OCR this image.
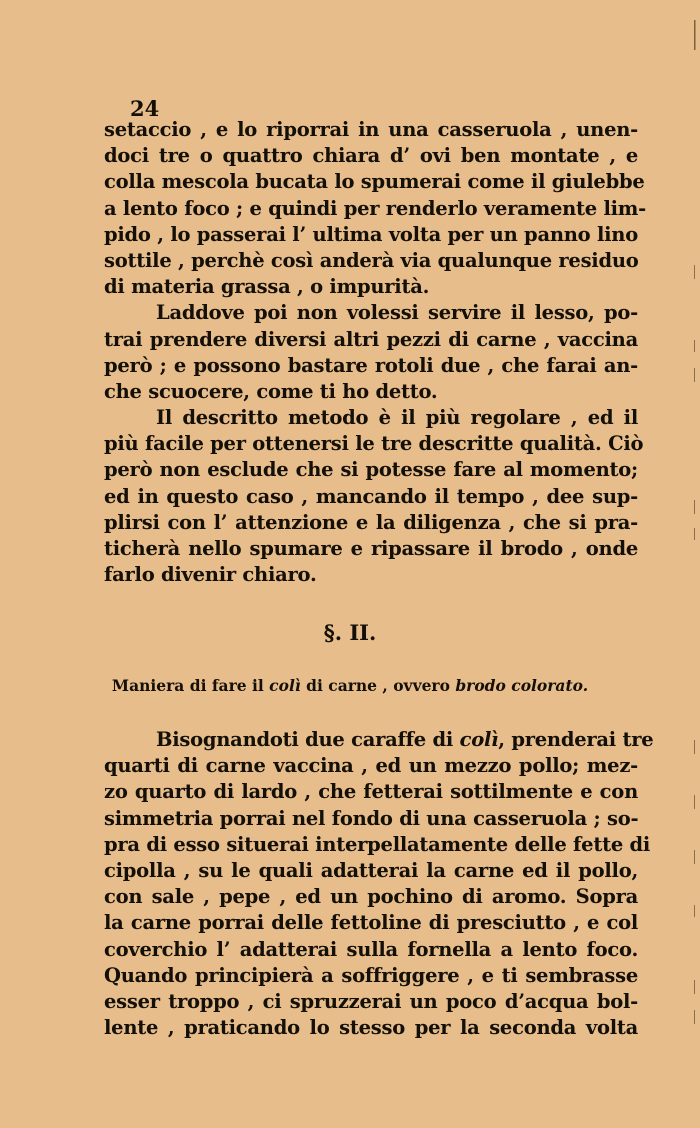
24
setaccio , e lo riporrai in una casseruola , unen-
doci tre o quattro chiara d’ ovi ben montate , e
colla mescola bucata lo spumerai come il giulebbe
a lento foco ; e quindi per renderlo veramente lim-
pido , lo passerai l’ ultima volta per un panno lino
sottile , perchè così anderà via qualunque residuo
di materia grassa , o impurità.
Laddove poi non volessi servire il lesso, po-
trai prendere diversi altri pezzi di carne , vaccina
però ; e possono bastare rotoli due , che farai an-
che scuocere, come ti ho detto.
Il descritto metodo è il più regolare , ed il
più facile per ottenersi le tre descritte qualità. Ciò
però non esclude che si potesse fare al momento;
ed in questo caso , mancando il tempo , dee sup-
plirsi con l’ attenzione e la diligenza , che si pra-
ticherà nello spumare e ripassare il brodo , onde
farlo divenir chiaro.
§. II.
Maniera di fare il colì di carne , ovvero brodo colorato.
Bisognandoti due caraffe di colì, prenderai tre
quarti di carne vaccina , ed un mezzo pollo; mez-
zo quarto di lardo , che fetterai sottilmente e con
simmetria porrai nel fondo di una casseruola ; so-
pra di esso situerai interpellatamente delle fette di
cipolla , su le quali adatterai la carne ed il pollo,
con sale , pepe , ed un pochino di aromo. Sopra
la carne porrai delle fettoline di presciutto , e col
coverchio l’ adatterai sulla fornella a lento foco.
Quando principierà a soffriggere , e ti sembrasse
esser troppo , ci spruzzerai un poco d’acqua bol-
lente , praticando lo stesso per la seconda volta
